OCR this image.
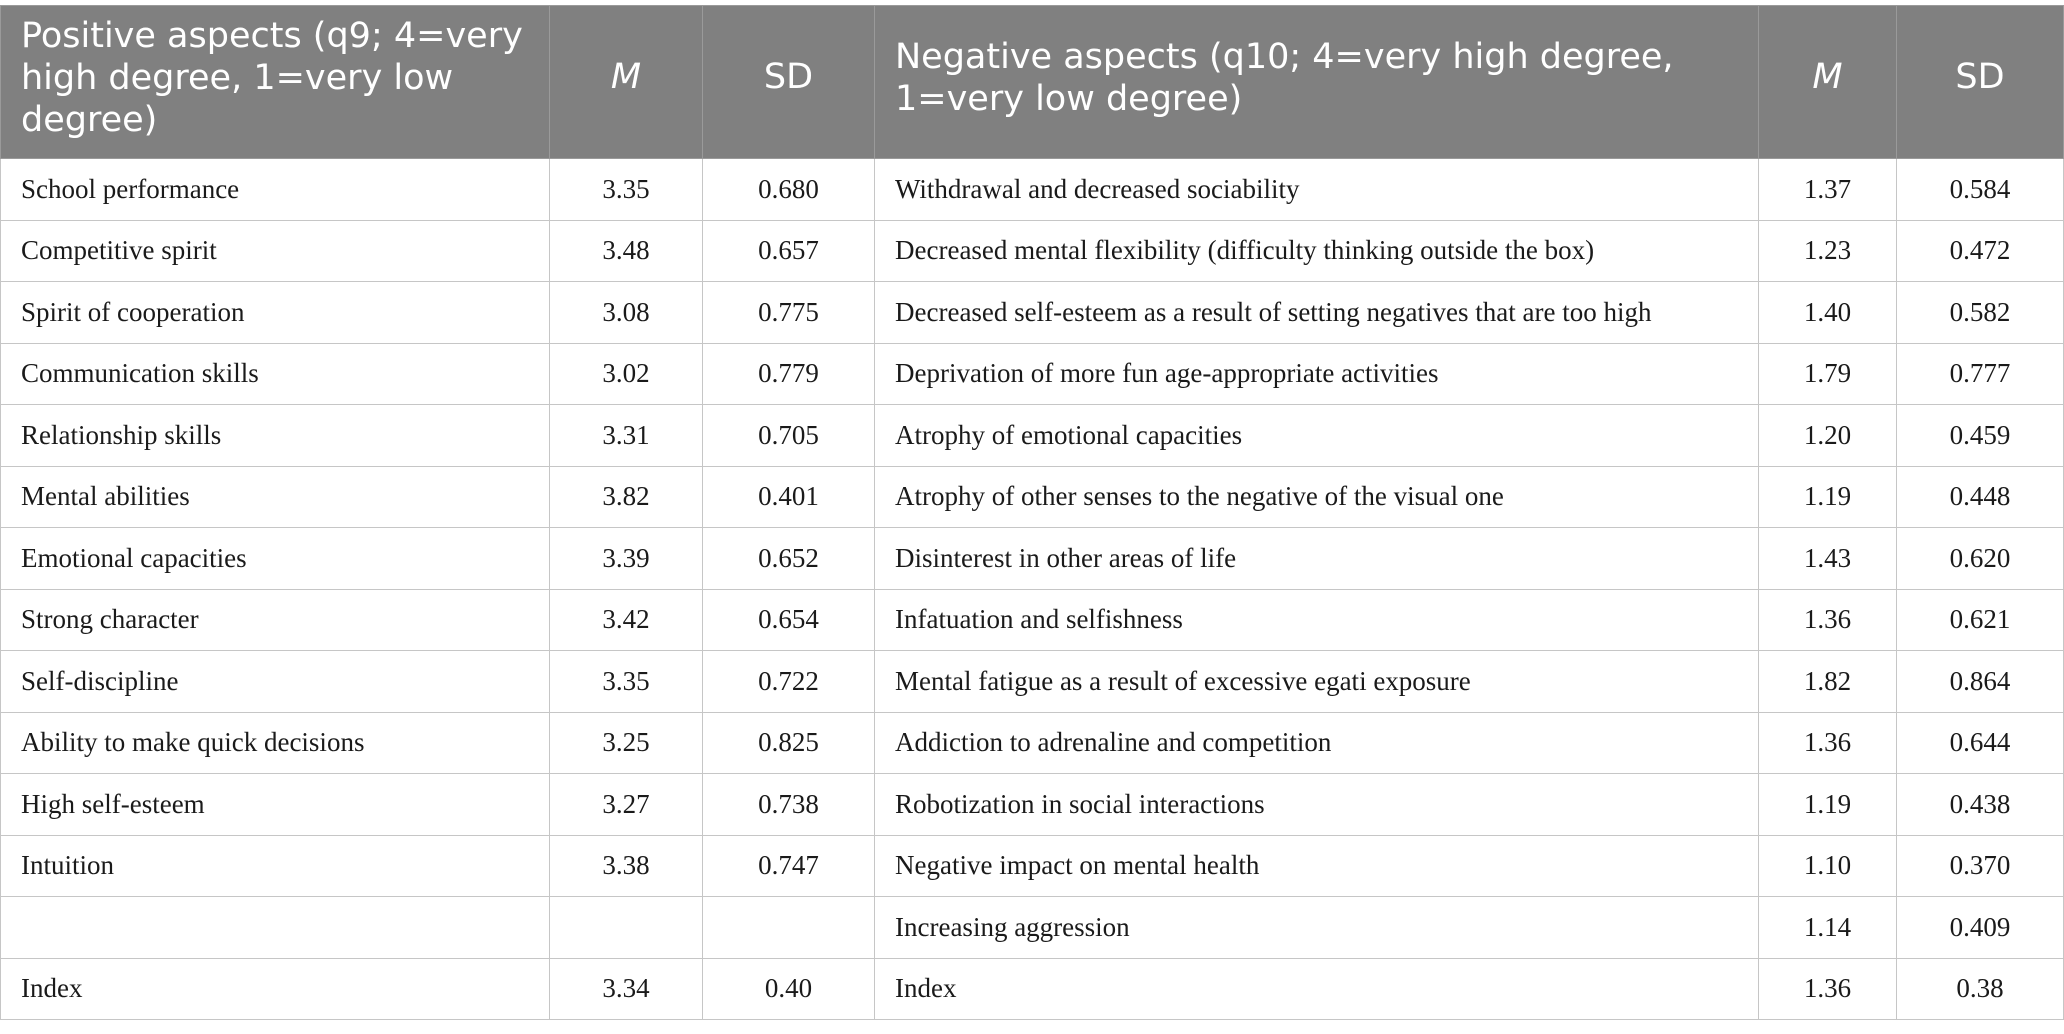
Positive aspects (q9; 4=very high degree, 1=very low degree)	M	SD	Negative aspects (q10; 4=very high degree, 1=very low degree)	M	SD
School performance	3.35	0.680	Withdrawal and decreased sociability	1.37	0.584
Competitive spirit	3.48	0.657	Decreased mental flexibility (difficulty thinking outside the box)	1.23	0.472
Spirit of cooperation	3.08	0.775	Decreased self-esteem as a result of setting negatives that are too high	1.40	0.582
Communication skills	3.02	0.779	Deprivation of more fun age-appropriate activities	1.79	0.777
Relationship skills	3.31	0.705	Atrophy of emotional capacities	1.20	0.459
Mental abilities	3.82	0.401	Atrophy of other senses to the negative of the visual one	1.19	0.448
Emotional capacities	3.39	0.652	Disinterest in other areas of life	1.43	0.620
Strong character	3.42	0.654	Infatuation and selfishness	1.36	0.621
Self-discipline	3.35	0.722	Mental fatigue as a result of excessive egati exposure	1.82	0.864
Ability to make quick decisions	3.25	0.825	Addiction to adrenaline and competition	1.36	0.644
High self-esteem	3.27	0.738	Robotization in social interactions	1.19	0.438
Intuition	3.38	0.747	Negative impact on mental health	1.10	0.370
			Increasing aggression	1.14	0.409
Index	3.34	0.40	Index	1.36	0.38
